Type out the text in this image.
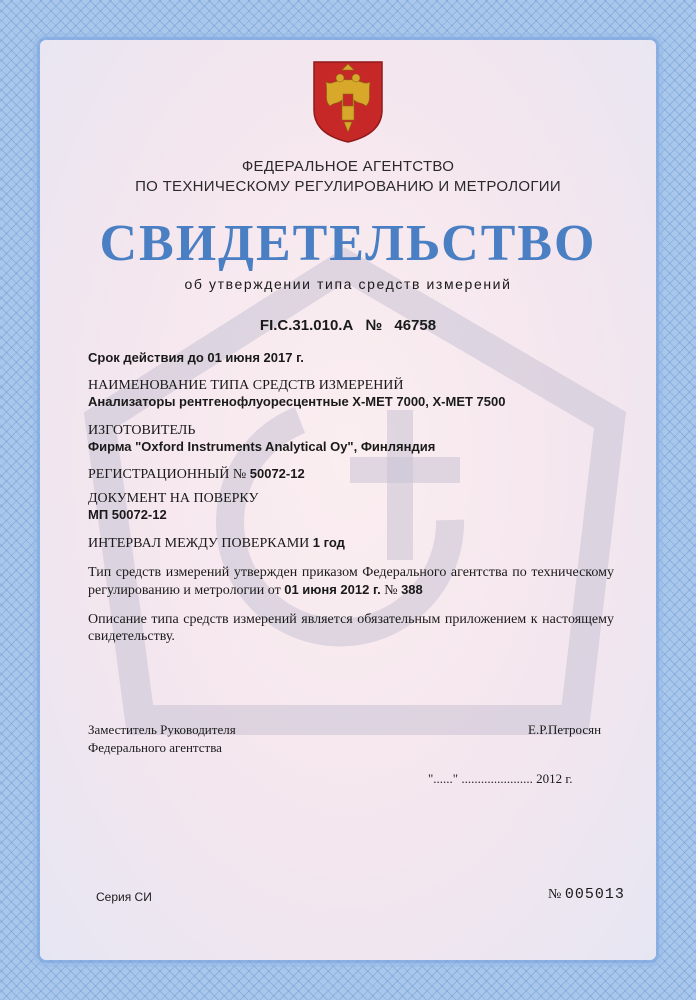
ФЕДЕРАЛЬНОЕ АГЕНТСТВО
ПО ТЕХНИЧЕСКОМУ РЕГУЛИРОВАНИЮ И МЕТРОЛОГИИ
СВИДЕТЕЛЬСТВО
об утверждении типа средств измерений
FI.C.31.010.A № 46758
Срок действия до 01 июня 2017 г.
НАИМЕНОВАНИЕ ТИПА СРЕДСТВ ИЗМЕРЕНИЙ
Анализаторы рентгенофлуоресцентные X-MET 7000, X-MET 7500
ИЗГОТОВИТЕЛЬ
Фирма "Oxford Instruments Analytical Oy", Финляндия
РЕГИСТРАЦИОННЫЙ № 50072-12
ДОКУМЕНТ НА ПОВЕРКУ
МП 50072-12
ИНТЕРВАЛ МЕЖДУ ПОВЕРКАМИ 1 год
Тип средств измерений утвержден приказом Федерального агентства по техническому регулированию и метрологии от 01 июня 2012 г. № 388
Описание типа средств измерений является обязательным приложением к настоящему свидетельству.
Заместитель Руководителя
Федерального агентства
Е.Р.Петросян
"......" ...................... 2012 г.
Серия СИ	№ 005013
